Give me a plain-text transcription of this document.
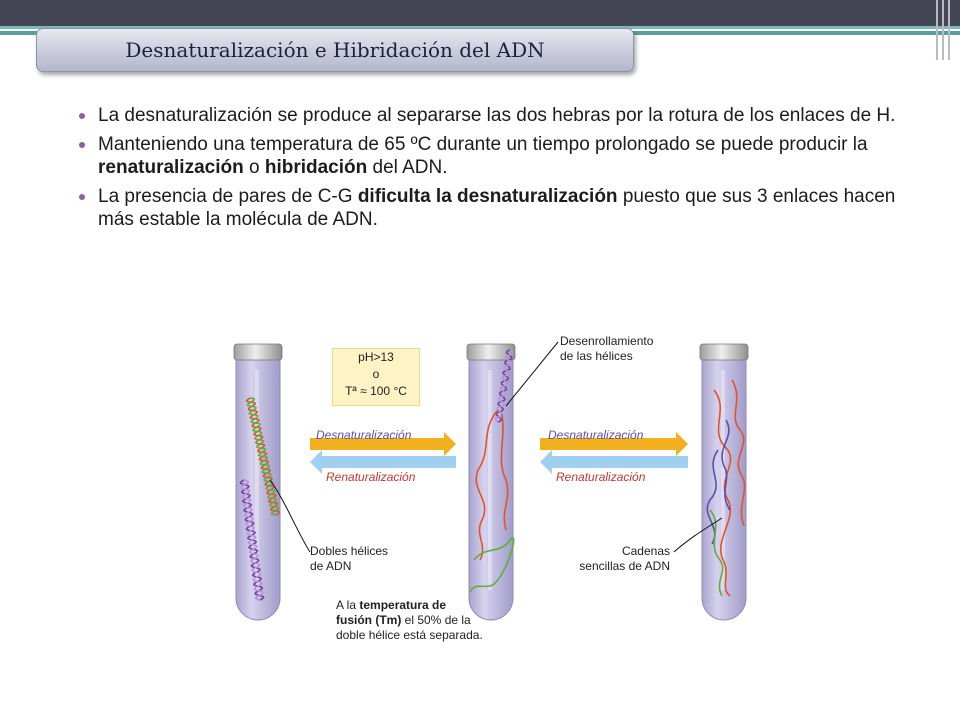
Desnaturalización e Hibridación del ADN
La desnaturalización se produce al separarse las dos hebras por la rotura de los enlaces de H.
Manteniendo una temperatura de 65 ºC durante un tiempo prolongado se puede producir la renaturalización o hibridación del ADN.
La presencia de pares de C-G dificulta la desnaturalización puesto que sus 3 enlaces hacen más estable la molécula de ADN.
pH>13
o
Tª ≈ 100 °C
Desnaturalización
Renaturalización
Desnaturalización
Renaturalización
Desenrollamiento
de las hélices
Dobles hélices
de ADN
Cadenas
sencillas de ADN
A la temperatura de
fusión (Tm) el 50% de la
doble hélice está separada.
